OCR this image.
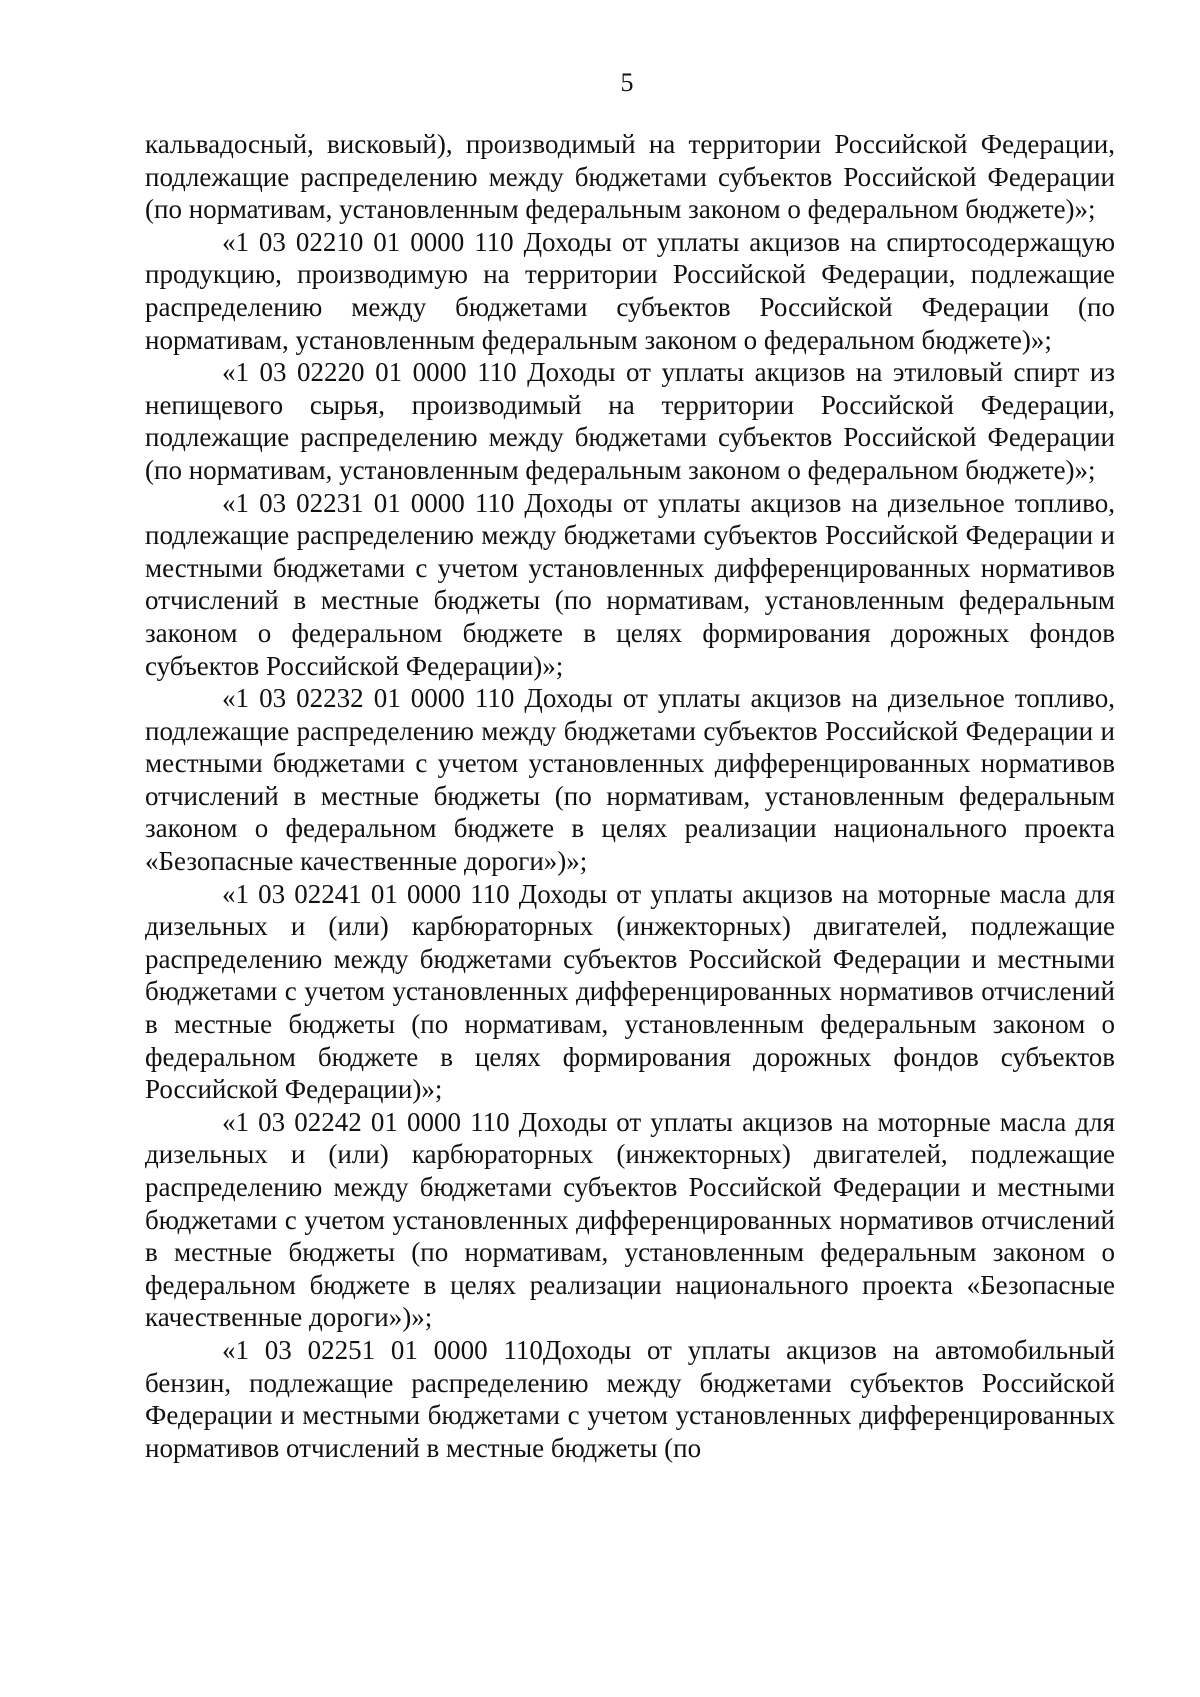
5

кальвадосный, висковый), производимый на территории Российской Федерации, подлежащие распределению между бюджетами субъектов Российской Федерации (по нормативам, установленным федеральным законом о федеральном бюджете)»;

«1 03 02210 01 0000 110 Доходы от уплаты акцизов на спиртосодержащую продукцию, производимую на территории Российской Федерации, подлежащие распределению между бюджетами субъектов Российской Федерации (по нормативам, установленным федеральным законом о федеральном бюджете)»;

«1 03 02220 01 0000 110 Доходы от уплаты акцизов на этиловый спирт из непищевого сырья, производимый на территории Российской Федерации, подлежащие распределению между бюджетами субъектов Российской Федерации (по нормативам, установленным федеральным законом о федеральном бюджете)»;

«1 03 02231 01 0000 110 Доходы от уплаты акцизов на дизельное топливо, подлежащие распределению между бюджетами субъектов Российской Федерации и местными бюджетами с учетом установленных дифференцированных нормативов отчислений в местные бюджеты (по нормативам, установленным федеральным законом о федеральном бюджете в целях формирования дорожных фондов субъектов Российской Федерации)»;

«1 03 02232 01 0000 110 Доходы от уплаты акцизов на дизельное топливо, подлежащие распределению между бюджетами субъектов Российской Федерации и местными бюджетами с учетом установленных дифференцированных нормативов отчислений в местные бюджеты (по нормативам, установленным федеральным законом о федеральном бюджете в целях реализации национального проекта «Безопасные качественные дороги»)»;

«1 03 02241 01 0000 110 Доходы от уплаты акцизов на моторные масла для дизельных и (или) карбюраторных (инжекторных) двигателей, подлежащие распределению между бюджетами субъектов Российской Федерации и местными бюджетами с учетом установленных дифференцированных нормативов отчислений в местные бюджеты (по нормативам, установленным федеральным законом о федеральном бюджете в целях формирования дорожных фондов субъектов Российской Федерации)»;

«1 03 02242 01 0000 110 Доходы от уплаты акцизов на моторные масла для дизельных и (или) карбюраторных (инжекторных) двигателей, подлежащие распределению между бюджетами субъектов Российской Федерации и местными бюджетами с учетом установленных дифференцированных нормативов отчислений в местные бюджеты (по нормативам, установленным федеральным законом о федеральном бюджете в целях реализации национального проекта «Безопасные качественные дороги»)»;

«1 03 02251 01 0000 110Доходы от уплаты акцизов на автомобильный бензин, подлежащие распределению между бюджетами субъектов Российской Федерации и местными бюджетами с учетом установленных дифференцированных нормативов отчислений в местные бюджеты (по
